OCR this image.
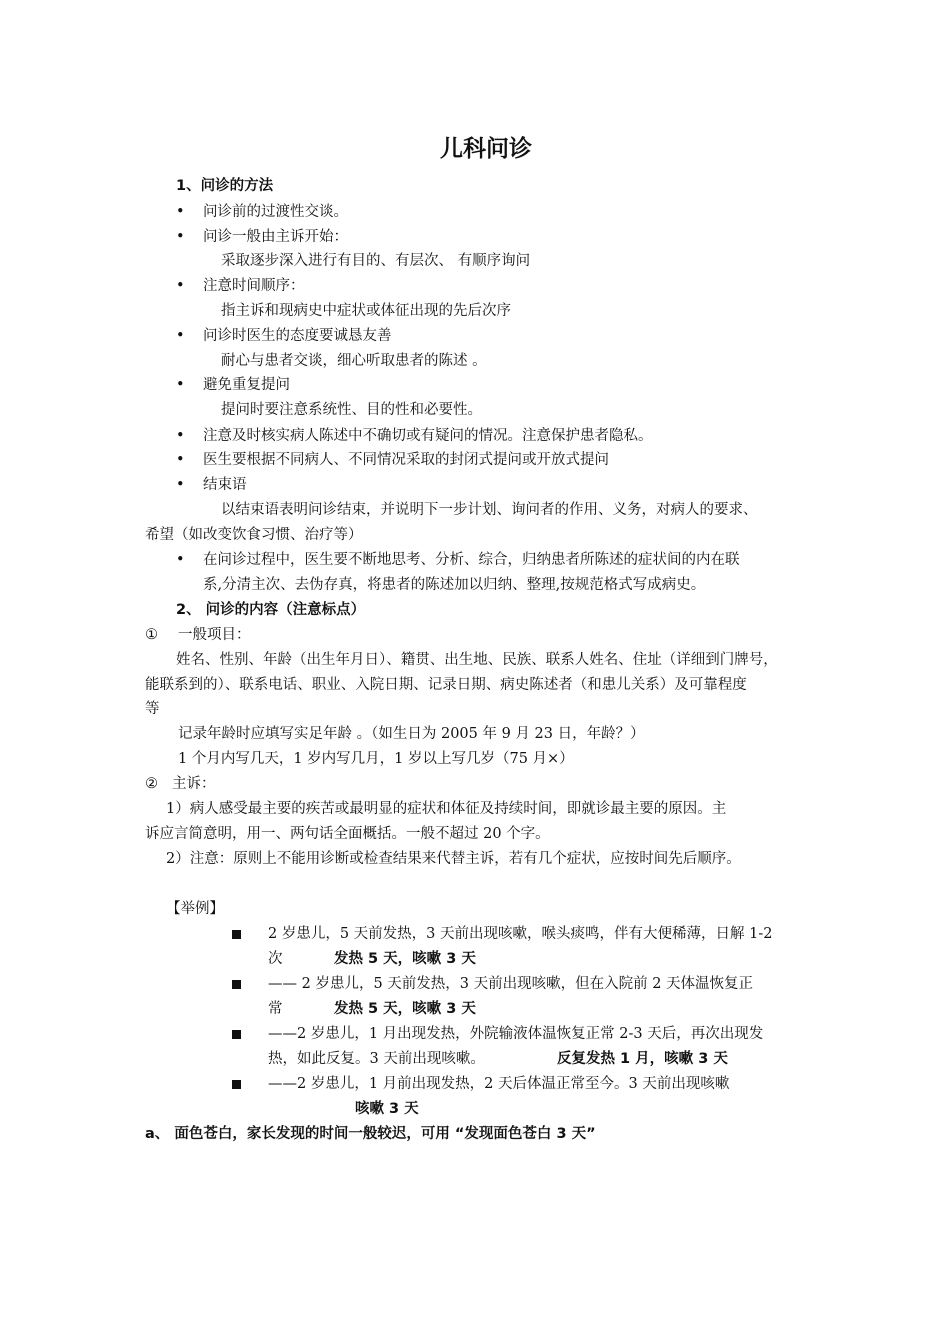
儿科问诊
1、问诊的方法
• 问诊前的过渡性交谈。
• 问诊一般由主诉开始：
采取逐步深入进行有目的、有层次、 有顺序询问
• 注意时间顺序：
指主诉和现病史中症状或体征出现的先后次序
• 问诊时医生的态度要诚恳友善
耐心与患者交谈，细心听取患者的陈述 。
• 避免重复提问
提问时要注意系统性、目的性和必要性。
• 注意及时核实病人陈述中不确切或有疑问的情况。注意保护患者隐私。
• 医生要根据不同病人、不同情况采取的封闭式提问或开放式提问
• 结束语
以结束语表明问诊结束，并说明下一步计划、询问者的作用、义务，对病人的要求、
希望（如改变饮食习惯、治疗等）
• 在问诊过程中，医生要不断地思考、分析、综合，归纳患者所陈述的症状间的内在联
系,分清主次、去伪存真，将患者的陈述加以归纳、整理,按规范格式写成病史。
2、 问诊的内容（注意标点）
① 一般项目：
姓名、性别、年龄（出生年月日）、籍贯、出生地、民族、联系人姓名、住址（详细到门牌号，
能联系到的）、联系电话、职业、入院日期、记录日期、病史陈述者（和患儿关系）及可靠程度
等
记录年龄时应填写实足年龄 。（如生日为 2005 年 9 月 23 日，年龄？）
1 个月内写几天，1 岁内写几月，1 岁以上写几岁（75 月×）
② 主诉：
1）病人感受最主要的疾苦或最明显的症状和体征及持续时间，即就诊最主要的原因。主
诉应言简意明，用一、两句话全面概括。一般不超过 20 个字。
2）注意：原则上不能用诊断或检查结果来代替主诉，若有几个症状，应按时间先后顺序。
【举例】
2 岁患儿，5 天前发热，3 天前出现咳嗽，喉头痰鸣，伴有大便稀薄，日解 1-2
次	发热 5 天，咳嗽 3 天
—— 2 岁患儿，5 天前发热，3 天前出现咳嗽，但在入院前 2 天体温恢复正
常	发热 5 天，咳嗽 3 天
——2 岁患儿，1 月出现发热，外院输液体温恢复正常 2-3 天后，再次出现发
热，如此反复。3 天前出现咳嗽。	反复发热 1 月，咳嗽 3 天
——2 岁患儿，1 月前出现发热，2 天后体温正常至今。3 天前出现咳嗽
咳嗽 3 天
a、 面色苍白，家长发现的时间一般较迟，可用 “发现面色苍白 3 天”
